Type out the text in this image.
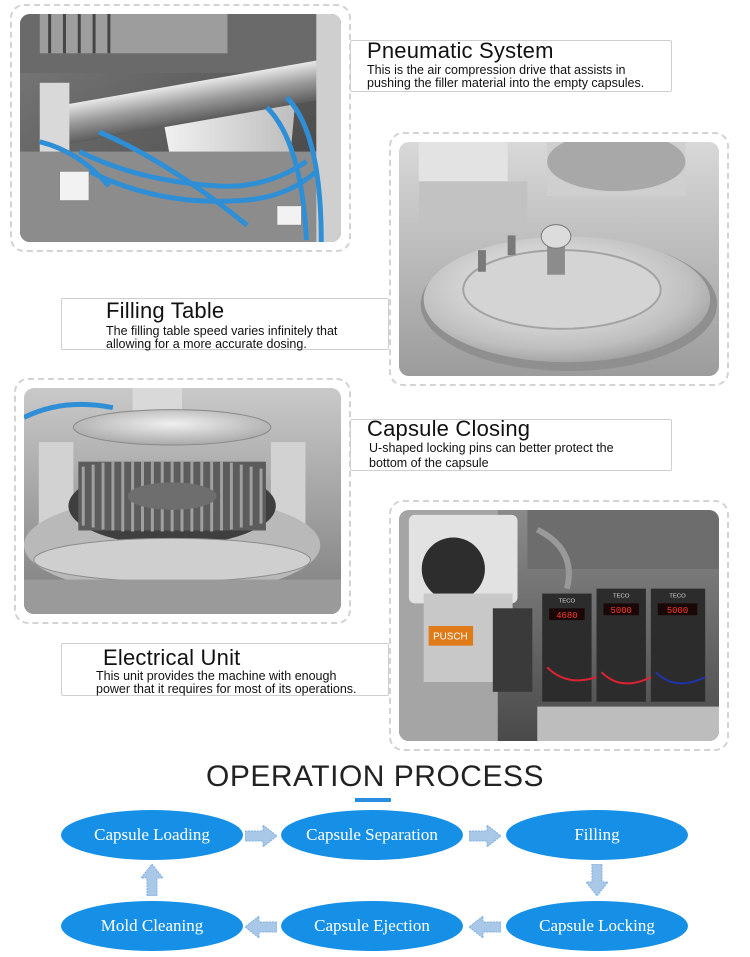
Pneumatic System
This is the air compression drive that assists in
pushing the filler material into the empty capsules.
Filling Table
The filling table speed varies infinitely that
allowing for a more accurate dosing.
Capsule Closing
U-shaped locking pins can better protect the
bottom of the capsule
PUSCH
4680	5000	5000
TECO
TECO	TECO
Electrical Unit
This unit provides the machine with enough
power that it requires for most of its operations.
OPERATION PROCESS
Capsule Loading	Capsule Separation	Filling
Mold Cleaning	Capsule Ejection	Capsule Locking
